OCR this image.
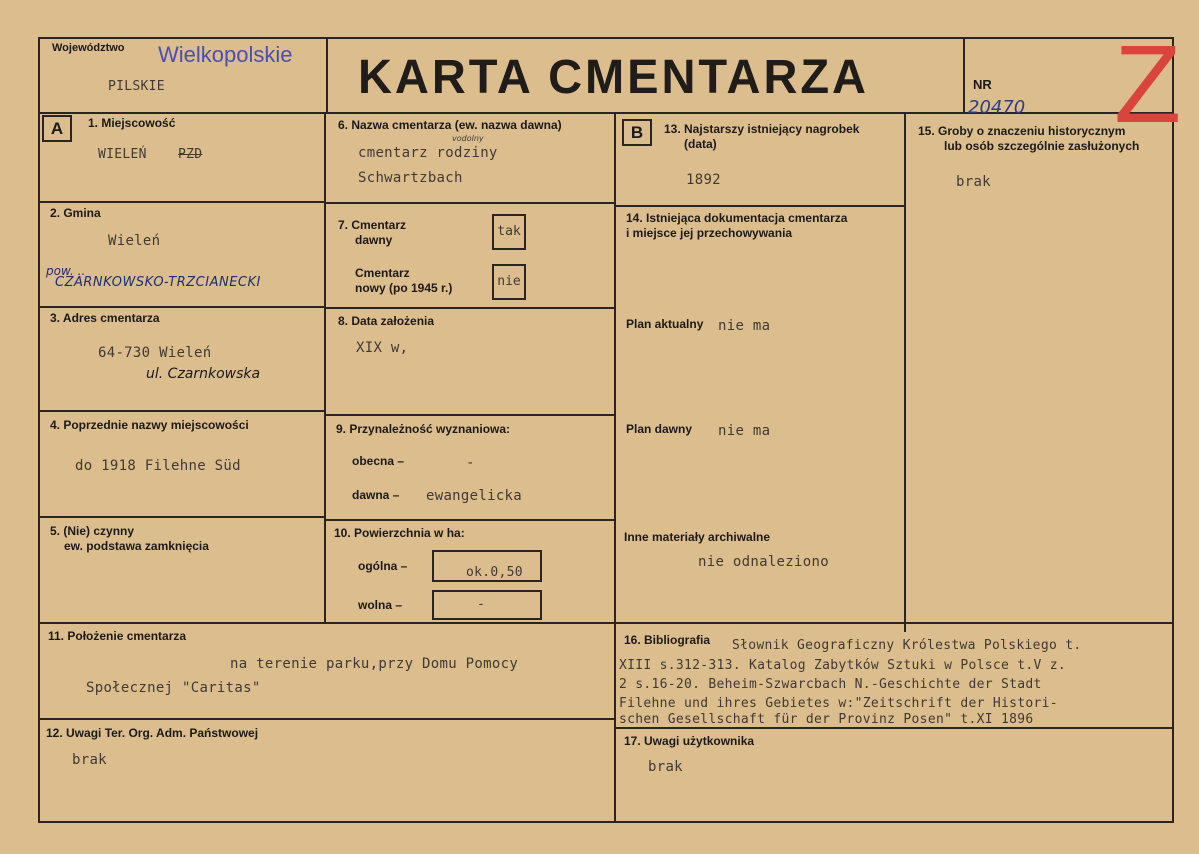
Województwo Wielkopolskie
PILSKIE	KARTA CMENTARZA	NR
20470 Z
A	1. Miejscowość
WIELEŃ PZD
2. Gmina
Wieleń
pow. ..
CZARNKOWSKO-TRZCIANECKI
3. Adres cmentarza
64-730 Wieleń
ul. Czarnkowska
4. Poprzednie nazwy miejscowości
do 1918 Filehne Süd
5. (Nie) czynny
ew. podstawa zamknięcia
6. Nazwa cmentarza (ew. nazwa dawna)
vodolny
cmentarz rodziny
Schwartzbach
7. Cmentarz
dawny
tak
Cmentarz
nowy (po 1945 r.)	nie
8. Data założenia
XIX w,
9. Przynależność wyznaniowa:
obecna –	-
dawna – ewangelicka
10. Powierzchnia w ha:
ogólna –	ok.0,50
wolna –	-
B	13. Najstarszy istniejący nagrobek
(data)
1892
14. Istniejąca dokumentacja cmentarza
i miejsce jej przechowywania
Plan aktualny nie ma
Plan dawny nie ma
Inne materiały archiwalne
nie odnaleziono
15. Groby o znaczeniu historycznym
lub osób szczególnie zasłużonych
brak
11. Położenie cmentarza
na terenie parku,przy Domu Pomocy
Społecznej "Caritas"
12. Uwagi Ter. Org. Adm. Państwowej
brak
16. Bibliografia Słownik Geograficzny Królestwa Polskiego t.
XIII s.312-313. Katalog Zabytków Sztuki w Polsce t.V z.
2 s.16-20. Beheim-Szwarcbach N.-Geschichte der Stadt
Filehne und ihres Gebietes w:"Zeitschrift der Histori-
schen Gesellschaft für der Provinz Posen" t.XI 1896
17. Uwagi użytkownika
brak
